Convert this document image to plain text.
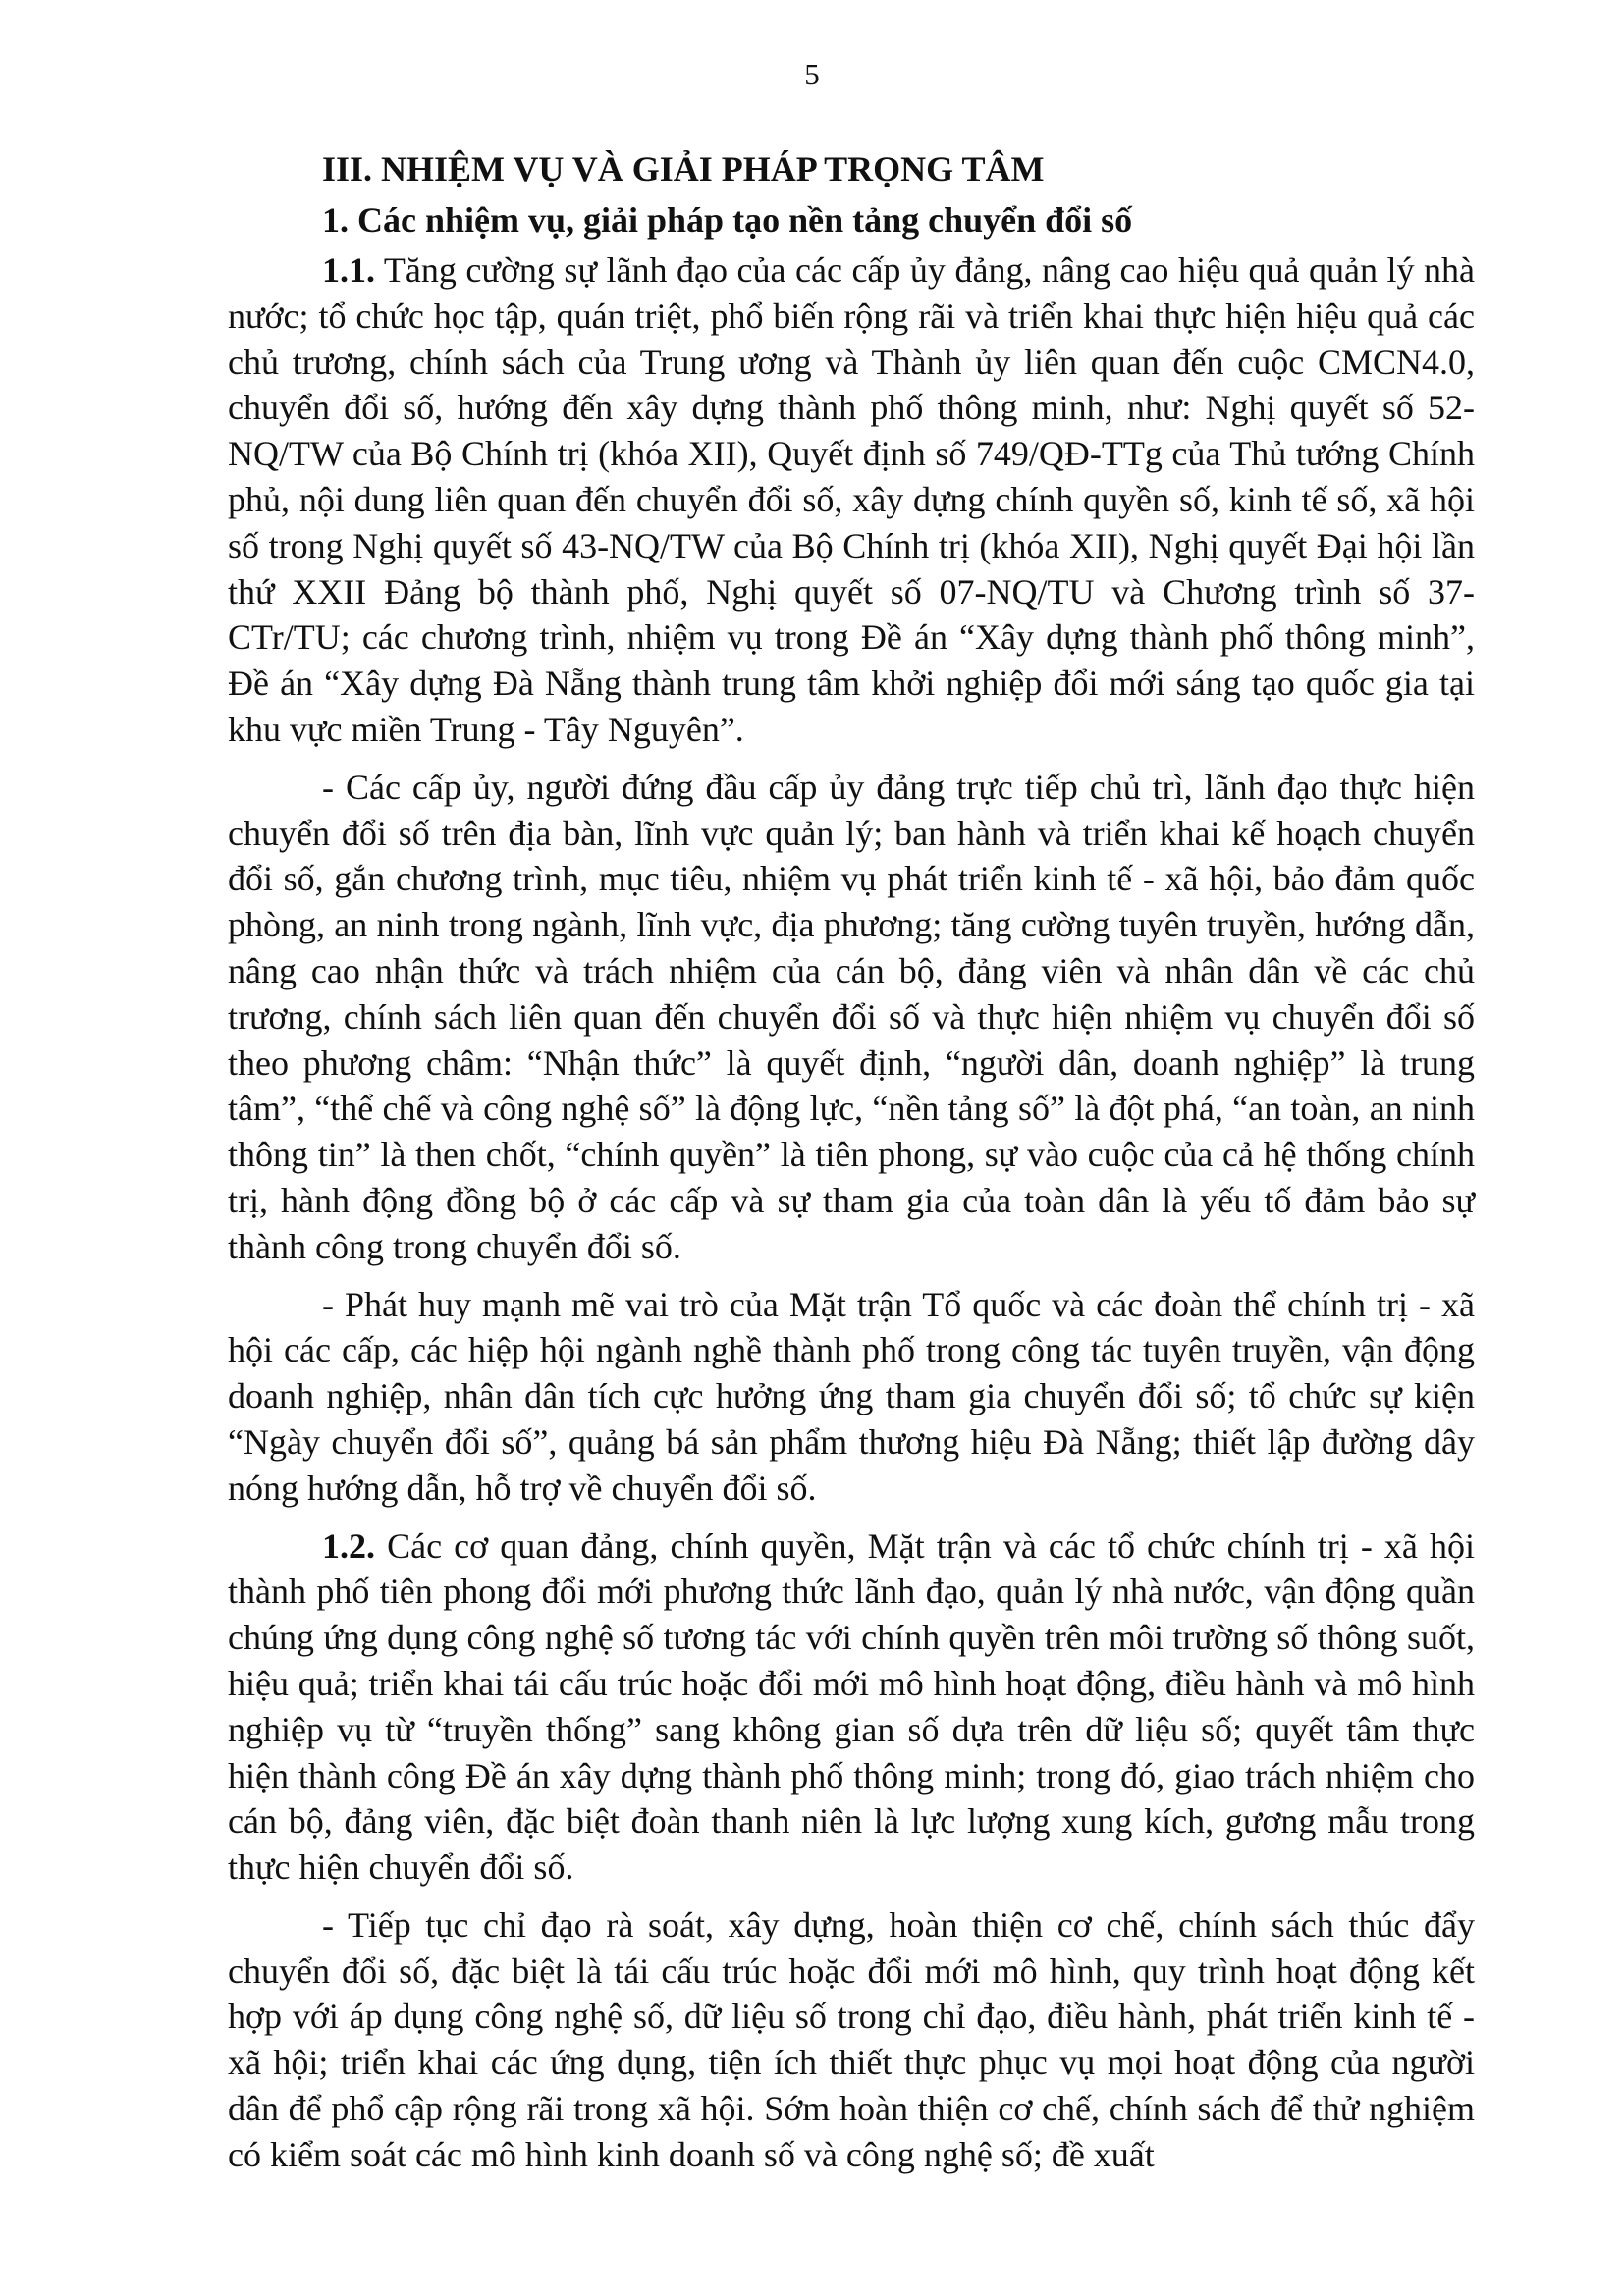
5
III. NHIỆM VỤ VÀ GIẢI PHÁP TRỌNG TÂM
1. Các nhiệm vụ, giải pháp tạo nền tảng chuyển đổi số

1.1. Tăng cường sự lãnh đạo của các cấp ủy đảng, nâng cao hiệu quả quản lý nhà nước; tổ chức học tập, quán triệt, phổ biến rộng rãi và triển khai thực hiện hiệu quả các chủ trương, chính sách của Trung ương và Thành ủy liên quan đến cuộc CMCN4.0, chuyển đổi số, hướng đến xây dựng thành phố thông minh, như: Nghị quyết số 52-NQ/TW của Bộ Chính trị (khóa XII), Quyết định số 749/QĐ-TTg của Thủ tướng Chính phủ, nội dung liên quan đến chuyển đổi số, xây dựng chính quyền số, kinh tế số, xã hội số trong Nghị quyết số 43-NQ/TW của Bộ Chính trị (khóa XII), Nghị quyết Đại hội lần thứ XXII Đảng bộ thành phố, Nghị quyết số 07-NQ/TU và Chương trình số 37-CTr/TU; các chương trình, nhiệm vụ trong Đề án “Xây dựng thành phố thông minh”, Đề án “Xây dựng Đà Nẵng thành trung tâm khởi nghiệp đổi mới sáng tạo quốc gia tại khu vực miền Trung - Tây Nguyên”.

- Các cấp ủy, người đứng đầu cấp ủy đảng trực tiếp chủ trì, lãnh đạo thực hiện chuyển đổi số trên địa bàn, lĩnh vực quản lý; ban hành và triển khai kế hoạch chuyển đổi số, gắn chương trình, mục tiêu, nhiệm vụ phát triển kinh tế - xã hội, bảo đảm quốc phòng, an ninh trong ngành, lĩnh vực, địa phương; tăng cường tuyên truyền, hướng dẫn, nâng cao nhận thức và trách nhiệm của cán bộ, đảng viên và nhân dân về các chủ trương, chính sách liên quan đến chuyển đổi số và thực hiện nhiệm vụ chuyển đổi số theo phương châm: “Nhận thức” là quyết định, “người dân, doanh nghiệp” là trung tâm”, “thể chế và công nghệ số” là động lực, “nền tảng số” là đột phá, “an toàn, an ninh thông tin” là then chốt, “chính quyền” là tiên phong, sự vào cuộc của cả hệ thống chính trị, hành động đồng bộ ở các cấp và sự tham gia của toàn dân là yếu tố đảm bảo sự thành công trong chuyển đổi số.

- Phát huy mạnh mẽ vai trò của Mặt trận Tổ quốc và các đoàn thể chính trị - xã hội các cấp, các hiệp hội ngành nghề thành phố trong công tác tuyên truyền, vận động doanh nghiệp, nhân dân tích cực hưởng ứng tham gia chuyển đổi số; tổ chức sự kiện “Ngày chuyển đổi số”, quảng bá sản phẩm thương hiệu Đà Nẵng; thiết lập đường dây nóng hướng dẫn, hỗ trợ về chuyển đổi số.

1.2. Các cơ quan đảng, chính quyền, Mặt trận và các tổ chức chính trị - xã hội thành phố tiên phong đổi mới phương thức lãnh đạo, quản lý nhà nước, vận động quần chúng ứng dụng công nghệ số tương tác với chính quyền trên môi trường số thông suốt, hiệu quả; triển khai tái cấu trúc hoặc đổi mới mô hình hoạt động, điều hành và mô hình nghiệp vụ từ “truyền thống” sang không gian số dựa trên dữ liệu số; quyết tâm thực hiện thành công Đề án xây dựng thành phố thông minh; trong đó, giao trách nhiệm cho cán bộ, đảng viên, đặc biệt đoàn thanh niên là lực lượng xung kích, gương mẫu trong thực hiện chuyển đổi số.

- Tiếp tục chỉ đạo rà soát, xây dựng, hoàn thiện cơ chế, chính sách thúc đẩy chuyển đổi số, đặc biệt là tái cấu trúc hoặc đổi mới mô hình, quy trình hoạt động kết hợp với áp dụng công nghệ số, dữ liệu số trong chỉ đạo, điều hành, phát triển kinh tế - xã hội; triển khai các ứng dụng, tiện ích thiết thực phục vụ mọi hoạt động của người dân để phổ cập rộng rãi trong xã hội. Sớm hoàn thiện cơ chế, chính sách để thử nghiệm có kiểm soát các mô hình kinh doanh số và công nghệ số; đề xuất
